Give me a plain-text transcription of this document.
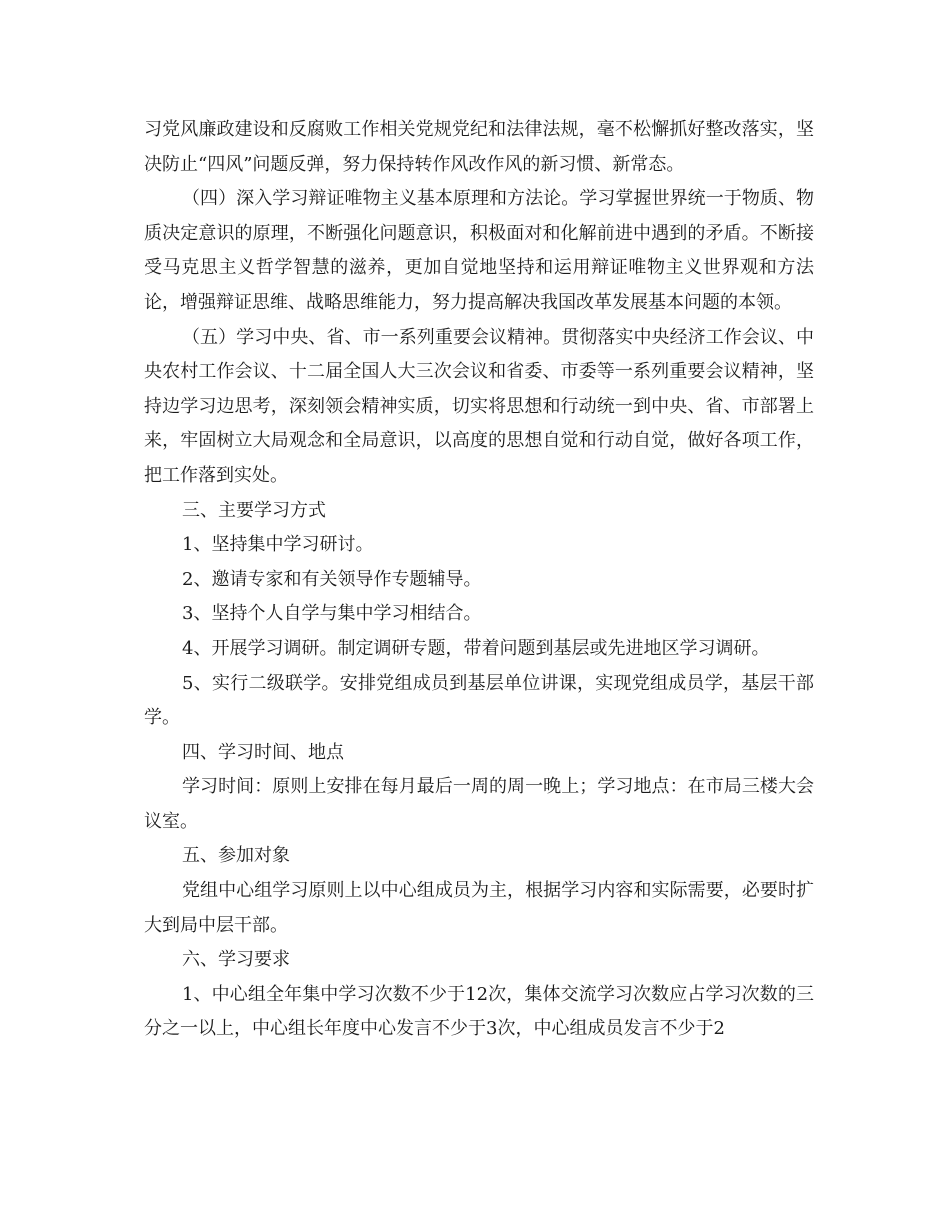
习党风廉政建设和反腐败工作相关党规党纪和法律法规，毫不松懈抓好整改落实，坚决防止“四风”问题反弹，努力保持转作风改作风的新习惯、新常态。

（四）深入学习辩证唯物主义基本原理和方法论。学习掌握世界统一于物质、物质决定意识的原理，不断强化问题意识，积极面对和化解前进中遇到的矛盾。不断接受马克思主义哲学智慧的滋养，更加自觉地坚持和运用辩证唯物主义世界观和方法论，增强辩证思维、战略思维能力，努力提高解决我国改革发展基本问题的本领。

（五）学习中央、省、市一系列重要会议精神。贯彻落实中央经济工作会议、中央农村工作会议、十二届全国人大三次会议和省委、市委等一系列重要会议精神，坚持边学习边思考，深刻领会精神实质，切实将思想和行动统一到中央、省、市部署上来，牢固树立大局观念和全局意识，以高度的思想自觉和行动自觉，做好各项工作，把工作落到实处。

三、主要学习方式

1、坚持集中学习研讨。

2、邀请专家和有关领导作专题辅导。

3、坚持个人自学与集中学习相结合。

4、开展学习调研。制定调研专题，带着问题到基层或先进地区学习调研。

5、实行二级联学。安排党组成员到基层单位讲课，实现党组成员学，基层干部学。

四、学习时间、地点

学习时间：原则上安排在每月最后一周的周一晚上；学习地点：在市局三楼大会议室。

五、参加对象

党组中心组学习原则上以中心组成员为主，根据学习内容和实际需要，必要时扩大到局中层干部。

六、学习要求

1、中心组全年集中学习次数不少于12次，集体交流学习次数应占学习次数的三分之一以上，中心组长年度中心发言不少于3次，中心组成员发言不少于2
